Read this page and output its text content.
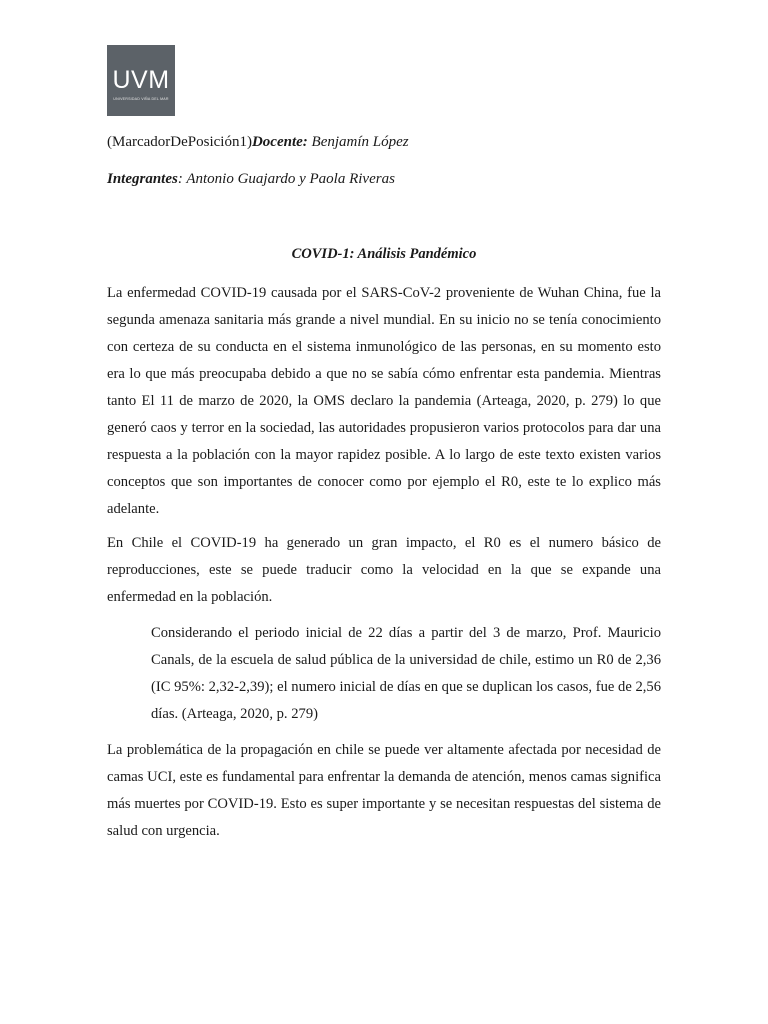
UVM
UNIVERSIDAD VIÑA DEL MAR
(MarcadorDePosición1)Docente: Benjamín López
Integrantes: Antonio Guajardo y Paola Riveras
COVID-1: Análisis Pandémico

La enfermedad COVID-19 causada por el SARS-CoV-2 proveniente de Wuhan China, fue la segunda amenaza sanitaria más grande a nivel mundial. En su inicio no se tenía conocimiento con certeza de su conducta en el sistema inmunológico de las personas, en su momento esto era lo que más preocupaba debido a que no se sabía cómo enfrentar esta pandemia. Mientras tanto El 11 de marzo de 2020, la OMS declaro la pandemia (Arteaga, 2020, p. 279) lo que generó caos y terror en la sociedad, las autoridades propusieron varios protocolos para dar una respuesta a la población con la mayor rapidez posible. A lo largo de este texto existen varios conceptos que son importantes de conocer como por ejemplo el R0, este te lo explico más adelante.

En Chile el COVID-19 ha generado un gran impacto, el R0 es el numero básico de reproducciones, este se puede traducir como la velocidad en la que se expande una enfermedad en la población.

Considerando el periodo inicial de 22 días a partir del 3 de marzo, Prof. Mauricio Canals, de la escuela de salud pública de la universidad de chile, estimo un R0 de 2,36 (IC 95%: 2,32-2,39); el numero inicial de días en que se duplican los casos, fue de 2,56 días. (Arteaga, 2020, p. 279)

La problemática de la propagación en chile se puede ver altamente afectada por necesidad de camas UCI, este es fundamental para enfrentar la demanda de atención, menos camas significa más muertes por COVID-19. Esto es super importante y se necesitan respuestas del sistema de salud con urgencia.
